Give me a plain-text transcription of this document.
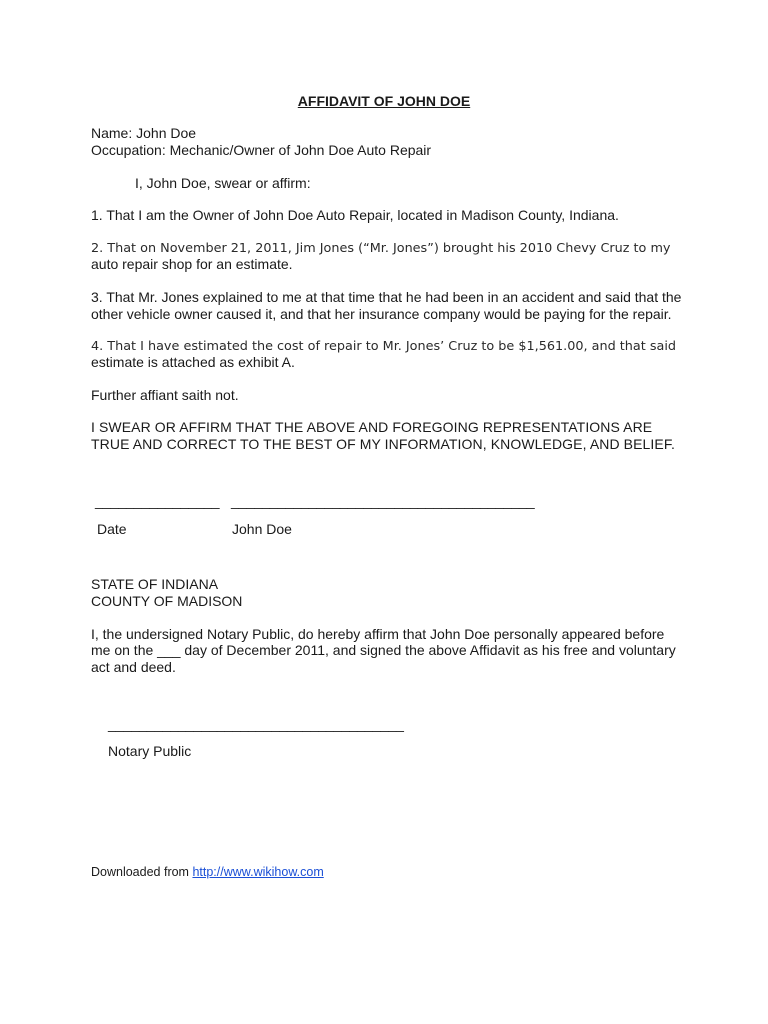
AFFIDAVIT OF JOHN DOE
Name: John Doe
Occupation: Mechanic/Owner of John Doe Auto Repair
I, John Doe, swear or affirm:
1. That I am the Owner of John Doe Auto Repair, located in Madison County, Indiana.
2. That on November 21, 2011, Jim Jones (“Mr. Jones”) brought his 2010 Chevy Cruz to my
auto repair shop for an estimate.
3. That Mr. Jones explained to me at that time that he had been in an accident and said that the
other vehicle owner caused it, and that her insurance company would be paying for the repair.
4. That I have estimated the cost of repair to Mr. Jones’ Cruz to be $1,561.00, and that said
estimate is attached as exhibit A.
Further affiant saith not.
I SWEAR OR AFFIRM THAT THE ABOVE AND FOREGOING REPRESENTATIONS ARE
TRUE AND CORRECT TO THE BEST OF MY INFORMATION, KNOWLEDGE, AND BELIEF.
________________ _______________________________________
Date	John Doe
STATE OF INDIANA
COUNTY OF MADISON
I, the undersigned Notary Public, do hereby affirm that John Doe personally appeared before
me on the ___ day of December 2011, and signed the above Affidavit as his free and voluntary
act and deed.
______________________________________
Notary Public
Downloaded from http://www.wikihow.com
